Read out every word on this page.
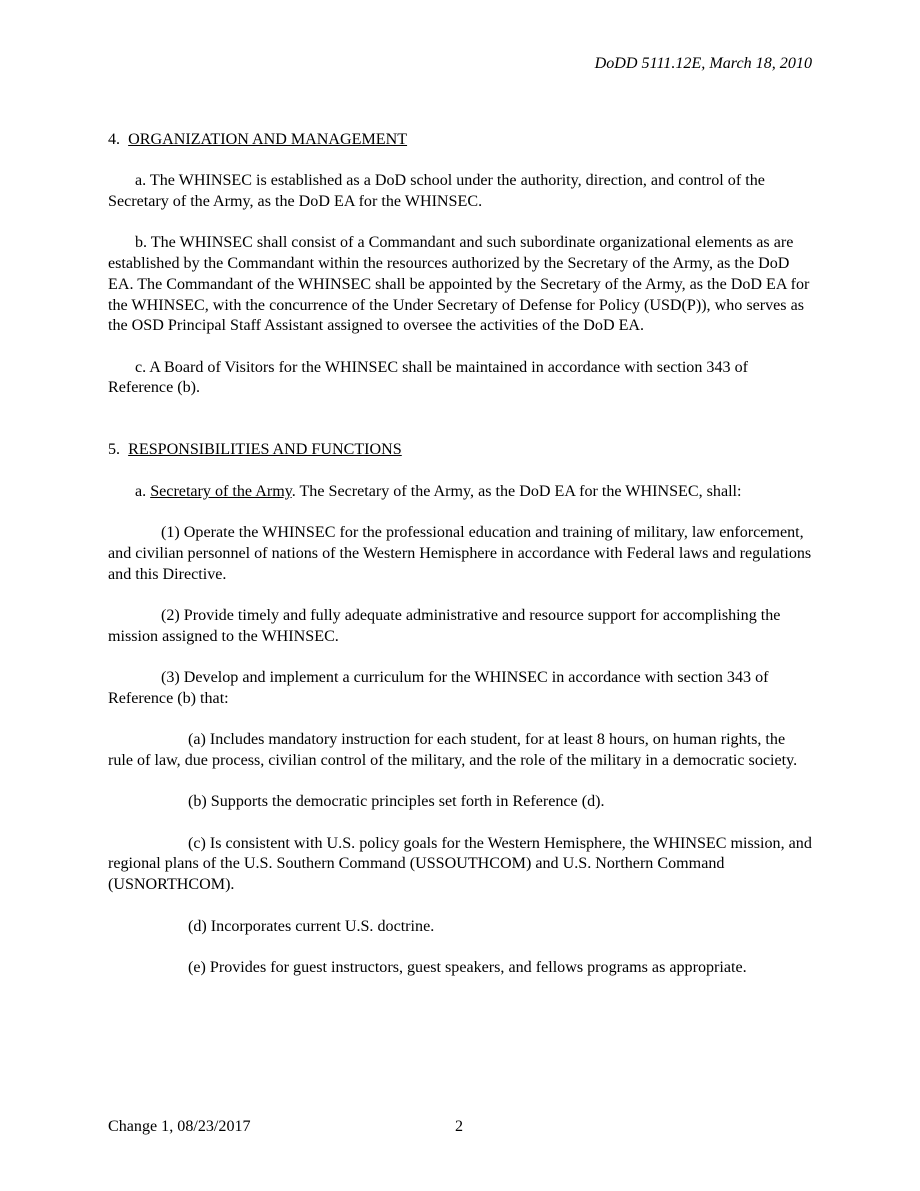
DoDD 5111.12E, March 18, 2010

4. ORGANIZATION AND MANAGEMENT

a. The WHINSEC is established as a DoD school under the authority, direction, and control of the Secretary of the Army, as the DoD EA for the WHINSEC.

b. The WHINSEC shall consist of a Commandant and such subordinate organizational elements as are established by the Commandant within the resources authorized by the Secretary of the Army, as the DoD EA. The Commandant of the WHINSEC shall be appointed by the Secretary of the Army, as the DoD EA for the WHINSEC, with the concurrence of the Under Secretary of Defense for Policy (USD(P)), who serves as the OSD Principal Staff Assistant assigned to oversee the activities of the DoD EA.

c. A Board of Visitors for the WHINSEC shall be maintained in accordance with section 343 of Reference (b).

5. RESPONSIBILITIES AND FUNCTIONS

a. Secretary of the Army. The Secretary of the Army, as the DoD EA for the WHINSEC, shall:

(1) Operate the WHINSEC for the professional education and training of military, law enforcement, and civilian personnel of nations of the Western Hemisphere in accordance with Federal laws and regulations and this Directive.

(2) Provide timely and fully adequate administrative and resource support for accomplishing the mission assigned to the WHINSEC.

(3) Develop and implement a curriculum for the WHINSEC in accordance with section 343 of Reference (b) that:

(a) Includes mandatory instruction for each student, for at least 8 hours, on human rights, the rule of law, due process, civilian control of the military, and the role of the military in a democratic society.

(b) Supports the democratic principles set forth in Reference (d).

(c) Is consistent with U.S. policy goals for the Western Hemisphere, the WHINSEC mission, and regional plans of the U.S. Southern Command (USSOUTHCOM) and U.S. Northern Command (USNORTHCOM).

(d) Incorporates current U.S. doctrine.

(e) Provides for guest instructors, guest speakers, and fellows programs as appropriate.

Change 1, 08/23/2017	2
